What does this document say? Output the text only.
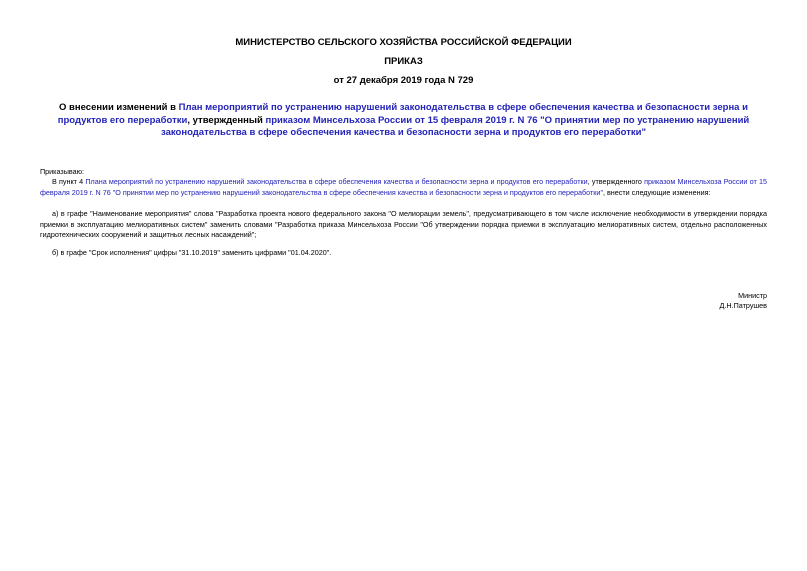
МИНИСТЕРСТВО СЕЛЬСКОГО ХОЗЯЙСТВА РОССИЙСКОЙ ФЕДЕРАЦИИ
ПРИКАЗ
от 27 декабря 2019 года N 729
О внесении изменений в План мероприятий по устранению нарушений законодательства в сфере обеспечения качества и безопасности зерна и продуктов его переработки, утвержденный приказом Минсельхоза России от 15 февраля 2019 г. N 76 "О принятии мер по устранению нарушений законодательства в сфере обеспечения качества и безопасности зерна и продуктов его переработки"
Приказываю:
В пункт 4 Плана мероприятий по устранению нарушений законодательства в сфере обеспечения качества и безопасности зерна и продуктов его переработки, утвержденного приказом Минсельхоза России от 15 февраля 2019 г. N 76 "О принятии мер по устранению нарушений законодательства в сфере обеспечения качества и безопасности зерна и продуктов его переработки", внести следующие изменения:
а) в графе "Наименование мероприятия" слова "Разработка проекта нового федерального закона "О мелиорации земель", предусматривающего в том числе исключение необходимости в утверждении порядка приемки в эксплуатацию мелиоративных систем" заменить словами "Разработка приказа Минсельхоза России "Об утверждении порядка приемки в эксплуатацию мелиоративных систем, отдельно расположенных гидротехнических сооружений и защитных лесных насаждений";
б) в графе "Срок исполнения" цифры "31.10.2019" заменить цифрами "01.04.2020".
Министр
Д.Н.Патрушев
